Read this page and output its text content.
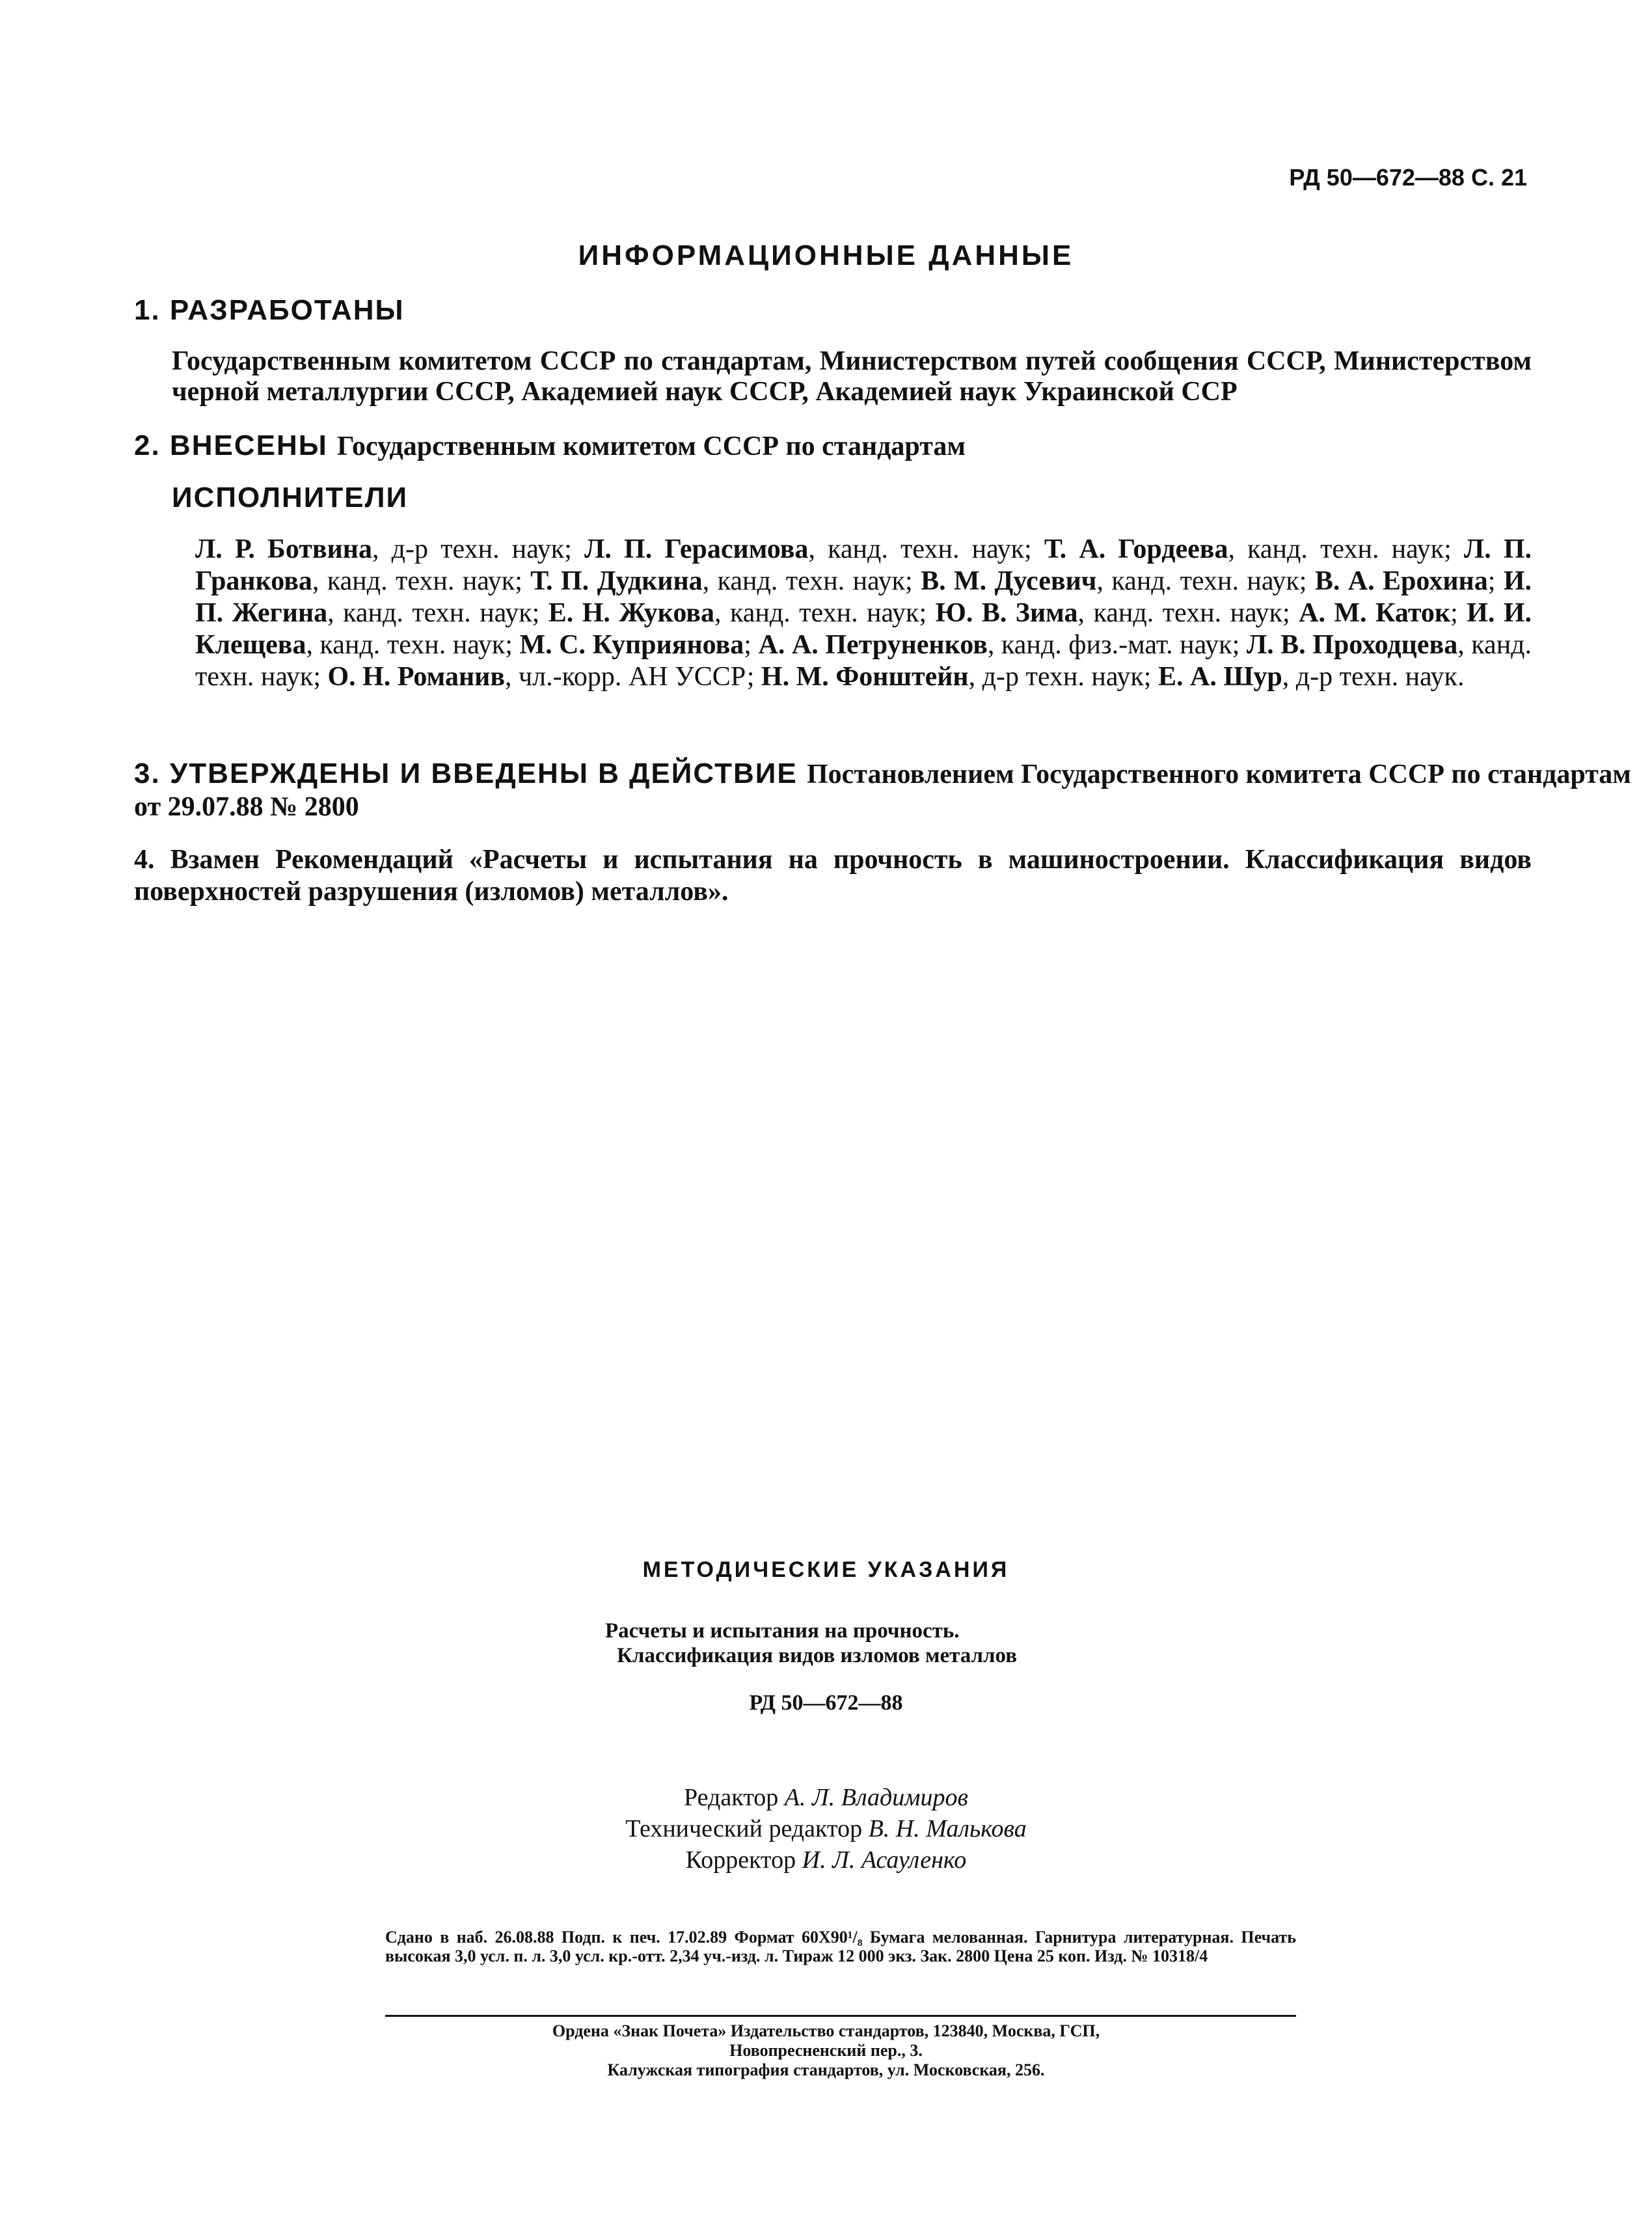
РД 50—672—88 С. 21
ИНФОРМАЦИОННЫЕ ДАННЫЕ
1. РАЗРАБОТАНЫ
Государственным комитетом СССР по стандартам, Министерством путей сообщения СССР, Министерством черной металлургии СССР, Академией наук СССР, Академией наук Украинской ССР
2. ВНЕСЕНЫ Государственным комитетом СССР по стандартам
ИСПОЛНИТЕЛИ
Л. Р. Ботвина, д-р техн. наук; Л. П. Герасимова, канд. техн. наук; Т. А. Гордеева, канд. техн. наук; Л. П. Гранкова, канд. техн. наук; Т. П. Дудкина, канд. техн. наук; В. М. Дусевич, канд. техн. наук; В. А. Ерохина; И. П. Жегина, канд. техн. наук; Е. Н. Жукова, канд. техн. наук; Ю. В. Зима, канд. техн. наук; А. М. Каток; И. И. Клещева, канд. техн. наук; М. С. Куприянова; А. А. Петруненков, канд. физ.-мат. наук; Л. В. Проходцева, канд. техн. наук; О. Н. Романив, чл.-корр. АН УССР; Н. М. Фонштейн, д-р техн. наук; Е. А. Шур, д-р техн. наук.
3. УТВЕРЖДЕНЫ И ВВЕДЕНЫ В ДЕЙСТВИЕ Постановлением Государственного комитета СССР по стандартам от 29.07.88 № 2800
4. Взамен Рекомендаций «Расчеты и испытания на прочность в машиностроении. Классификация видов поверхностей разрушения (изломов) металлов».
МЕТОДИЧЕСКИЕ УКАЗАНИЯ
Расчеты и испытания на прочность.
Классификация видов изломов металлов
РД 50—672—88
Редактор А. Л. Владимиров
Технический редактор В. Н. Малькова
Корректор И. Л. Асауленко
Сдано в наб. 26.08.88 Подп. к печ. 17.02.89 Формат 60Х90¹/₈ Бумага мелованная. Гарнитура литературная. Печать высокая 3,0 усл. п. л. 3,0 усл. кр.-отт. 2,34 уч.-изд. л. Тираж 12 000 экз. Зак. 2800 Цена 25 коп. Изд. № 10318/4
Ордена «Знак Почета» Издательство стандартов, 123840, Москва, ГСП,
Новопресненский пер., 3.
Калужская типография стандартов, ул. Московская, 256.
